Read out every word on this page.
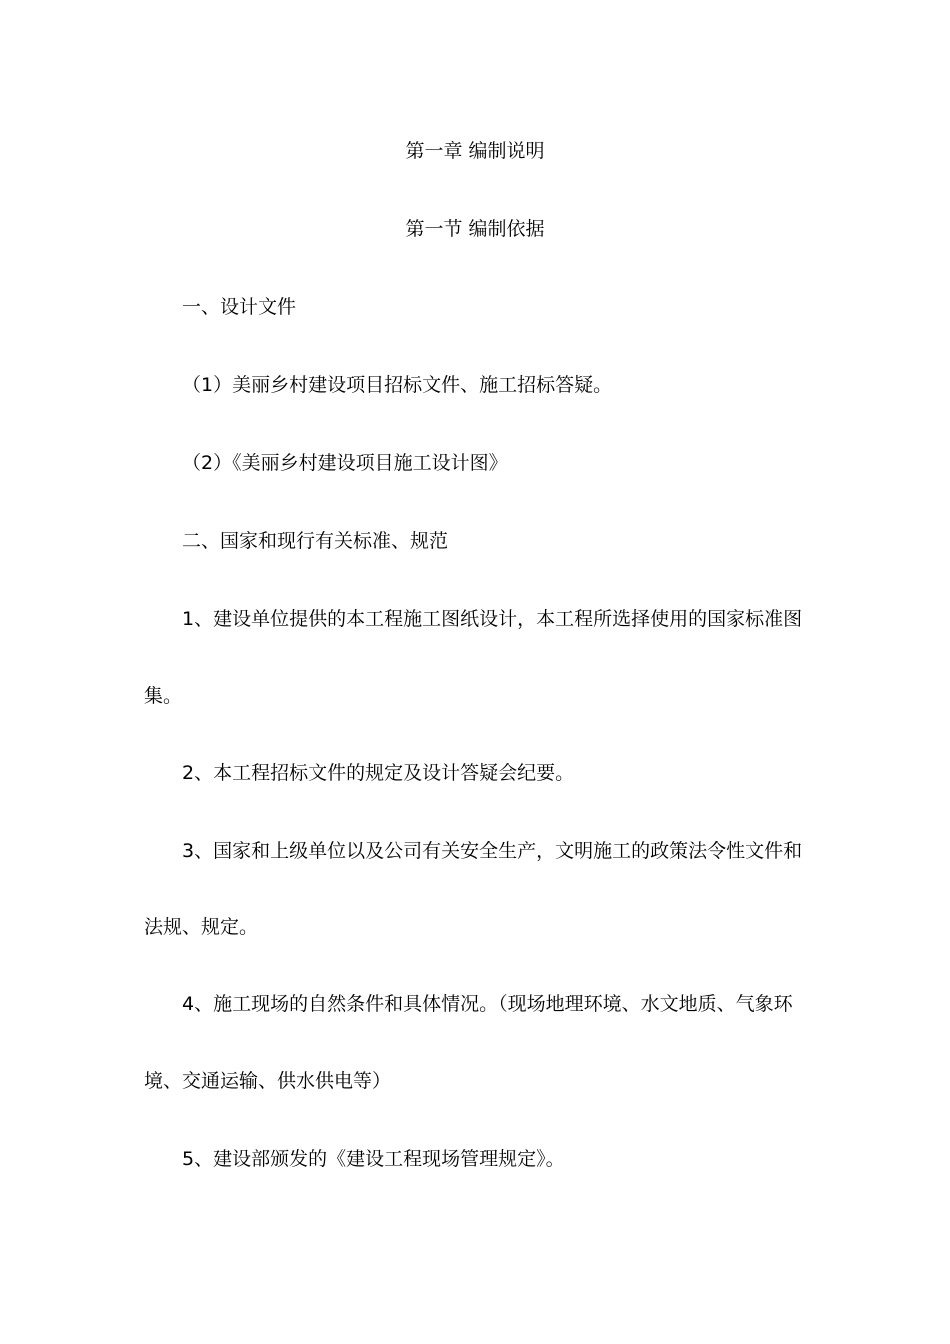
第一章 编制说明
第一节 编制依据
一、设计文件
（1）美丽乡村建设项目招标文件、施工招标答疑。
（2）《美丽乡村建设项目施工设计图》
二、国家和现行有关标准、规范
1、建设单位提供的本工程施工图纸设计，本工程所选择使用的国家标准图
集。
2、本工程招标文件的规定及设计答疑会纪要。
3、国家和上级单位以及公司有关安全生产，文明施工的政策法令性文件和
法规、规定。
4、施工现场的自然条件和具体情况。（现场地理环境、水文地质、气象环
境、交通运输、供水供电等）
5、建设部颁发的《建设工程现场管理规定》。
